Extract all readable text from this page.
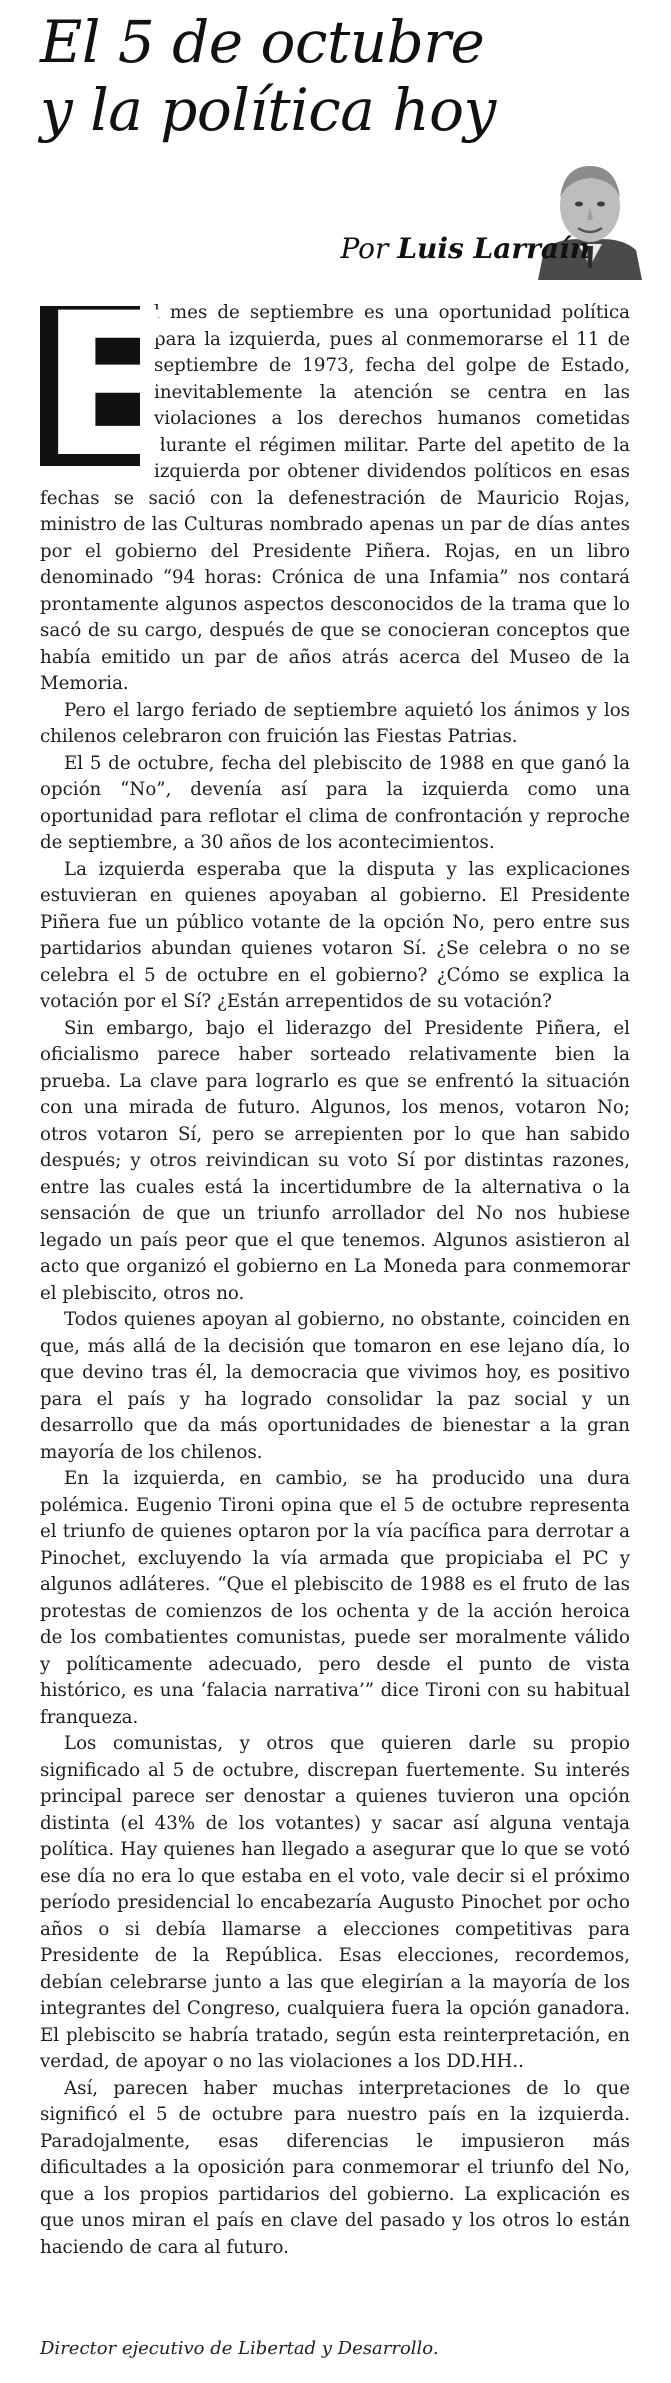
El 5 de octubre
y la política hoy
Por Luis Larraín

E
l mes de septiembre es una oportunidad política para la izquierda, pues al conmemorarse el 11 de septiembre de 1973, fecha del golpe de Estado, inevitablemente la atención se centra en las violaciones a los derechos humanos cometidas durante el régimen militar. Parte del apetito de la izquierda por obtener dividendos políticos en esas fechas se sació con la defenestración de Mauricio Rojas, ministro de las Culturas nombrado apenas un par de días antes por el gobierno del Presidente Piñera. Rojas, en un libro denominado “94 horas: Crónica de una Infamia” nos contará prontamente algunos aspectos desconocidos de la trama que lo sacó de su cargo, después de que se conocieran conceptos que había emitido un par de años atrás acerca del Museo de la Memoria.

Pero el largo feriado de septiembre aquietó los ánimos y los chilenos celebraron con fruición las Fiestas Patrias.

El 5 de octubre, fecha del plebiscito de 1988 en que ganó la opción “No”, devenía así para la izquierda como una oportunidad para reflotar el clima de confrontación y reproche de septiembre, a 30 años de los acontecimientos.

La izquierda esperaba que la disputa y las explicaciones estuvieran en quienes apoyaban al gobierno. El Presidente Piñera fue un público votante de la opción No, pero entre sus partidarios abundan quienes votaron Sí. ¿Se celebra o no se celebra el 5 de octubre en el gobierno? ¿Cómo se explica la votación por el Sí? ¿Están arrepentidos de su votación?

Sin embargo, bajo el liderazgo del Presidente Piñera, el oficialismo parece haber sorteado relativamente bien la prueba. La clave para lograrlo es que se enfrentó la situación con una mirada de futuro. Algunos, los menos, votaron No; otros votaron Sí, pero se arrepienten por lo que han sabido después; y otros reivindican su voto Sí por distintas razones, entre las cuales está la incertidumbre de la alternativa o la sensación de que un triunfo arrollador del No nos hubiese legado un país peor que el que tenemos. Algunos asistieron al acto que organizó el gobierno en La Moneda para conmemorar el plebiscito, otros no.

Todos quienes apoyan al gobierno, no obstante, coinciden en que, más allá de la decisión que tomaron en ese lejano día, lo que devino tras él, la democracia que vivimos hoy, es positivo para el país y ha logrado consolidar la paz social y un desarrollo que da más oportunidades de bienestar a la gran mayoría de los chilenos.

En la izquierda, en cambio, se ha producido una dura polémica. Eugenio Tironi opina que el 5 de octubre representa el triunfo de quienes optaron por la vía pacífica para derrotar a Pinochet, excluyendo la vía armada que propiciaba el PC y algunos adláteres. “Que el plebiscito de 1988 es el fruto de las protestas de comienzos de los ochenta y de la acción heroica de los combatientes comunistas, puede ser moralmente válido y políticamente adecuado, pero desde el punto de vista histórico, es una ‘falacia narrativa’” dice Tironi con su habitual franqueza.

Los comunistas, y otros que quieren darle su propio significado al 5 de octubre, discrepan fuertemente. Su interés principal parece ser denostar a quienes tuvieron una opción distinta (el 43% de los votantes) y sacar así alguna ventaja política. Hay quienes han llegado a asegurar que lo que se votó ese día no era lo que estaba en el voto, vale decir si el próximo período presidencial lo encabezaría Augusto Pinochet por ocho años o si debía llamarse a elecciones competitivas para Presidente de la República. Esas elecciones, recordemos, debían celebrarse junto a las que elegirían a la mayoría de los integrantes del Congreso, cualquiera fuera la opción ganadora. El plebiscito se habría tratado, según esta reinterpretación, en verdad, de apoyar o no las violaciones a los DD.HH..

Así, parecen haber muchas interpretaciones de lo que significó el 5 de octubre para nuestro país en la izquierda. Paradojalmente, esas diferencias le impusieron más dificultades a la oposición para conmemorar el triunfo del No, que a los propios partidarios del gobierno. La explicación es que unos miran el país en clave del pasado y los otros lo están haciendo de cara al futuro.

Director ejecutivo de Libertad y Desarrollo.
